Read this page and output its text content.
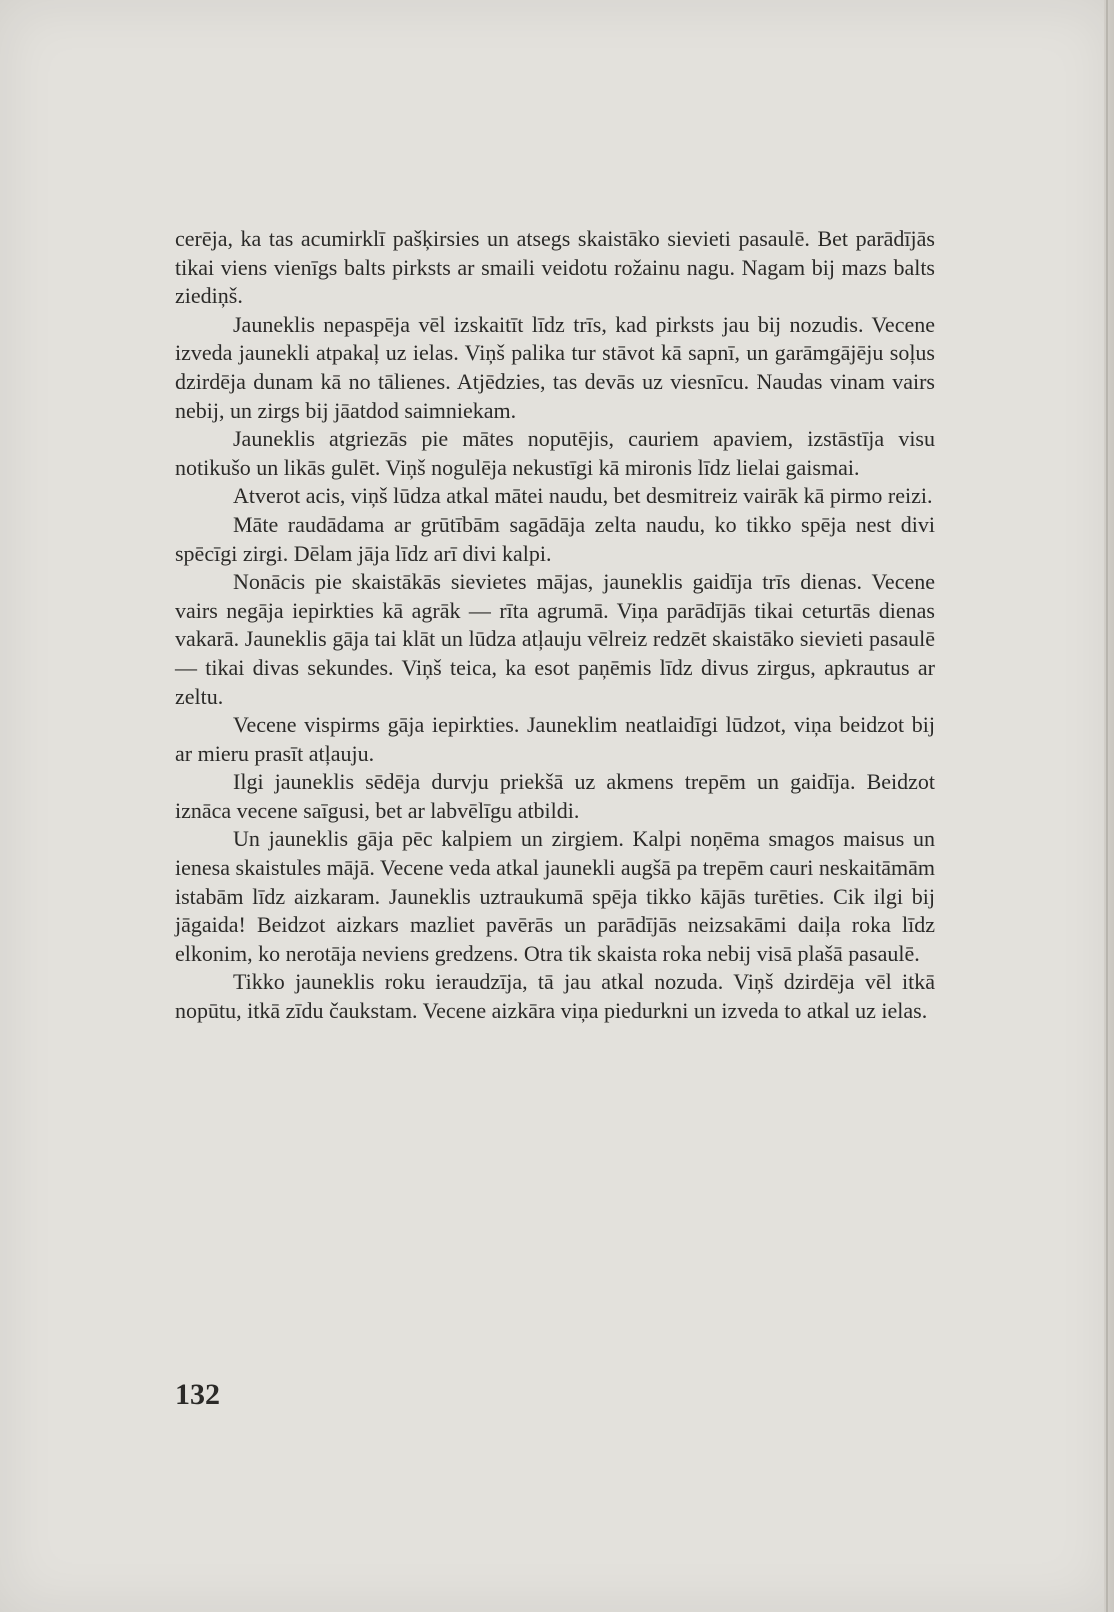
cerēja, ka tas acumirklī pašķirsies un atsegs skaistāko sievieti pasaulē. Bet parādījās tikai viens vienīgs balts pirksts ar smaili veidotu rožainu nagu. Nagam bij mazs balts ziediņš.

Jauneklis nepaspēja vēl izskaitīt līdz trīs, kad pirksts jau bij nozudis. Vecene izveda jaunekli atpakaļ uz ielas. Viņš palika tur stāvot kā sapnī, un garāmgājēju soļus dzirdēja dunam kā no tālienes. Atjēdzies, tas devās uz viesnīcu. Naudas vinam vairs nebij, un zirgs bij jāatdod saimniekam.

Jauneklis atgriezās pie mātes noputējis, cauriem apaviem, izstāstīja visu notikušo un likās gulēt. Viņš nogulēja nekustīgi kā mironis līdz lielai gaismai.

Atverot acis, viņš lūdza atkal mātei naudu, bet desmitreiz vairāk kā pirmo reizi.

Māte raudādama ar grūtībām sagādāja zelta naudu, ko tikko spēja nest divi spēcīgi zirgi. Dēlam jāja līdz arī divi kalpi.

Nonācis pie skaistākās sievietes mājas, jauneklis gaidīja trīs dienas. Vecene vairs negāja iepirkties kā agrāk — rīta agrumā. Viņa parādījās tikai ceturtās dienas vakarā. Jauneklis gāja tai klāt un lūdza atļauju vēlreiz redzēt skaistāko sievieti pasaulē — tikai divas sekundes. Viņš teica, ka esot paņēmis līdz divus zirgus, apkrautus ar zeltu.

Vecene vispirms gāja iepirkties. Jauneklim neatlaidīgi lūdzot, viņa beidzot bij ar mieru prasīt atļauju.

Ilgi jauneklis sēdēja durvju priekšā uz akmens trepēm un gaidīja. Beidzot iznāca vecene saīgusi, bet ar labvēlīgu atbildi.

Un jauneklis gāja pēc kalpiem un zirgiem. Kalpi noņēma smagos maisus un ienesa skaistules mājā. Vecene veda atkal jaunekli augšā pa trepēm cauri neskaitāmām istabām līdz aizkaram. Jauneklis uztraukumā spēja tikko kājās turēties. Cik ilgi bij jāgaida! Beidzot aizkars mazliet pavērās un parādījās neizsakāmi daiļa roka līdz elkonim, ko nerotāja neviens gredzens. Otra tik skaista roka nebij visā plašā pasaulē.

Tikko jauneklis roku ieraudzīja, tā jau atkal nozuda. Viņš dzirdēja vēl itkā nopūtu, itkā zīdu čaukstam. Vecene aizkāra viņa piedurkni un izveda to atkal uz ielas.

132
